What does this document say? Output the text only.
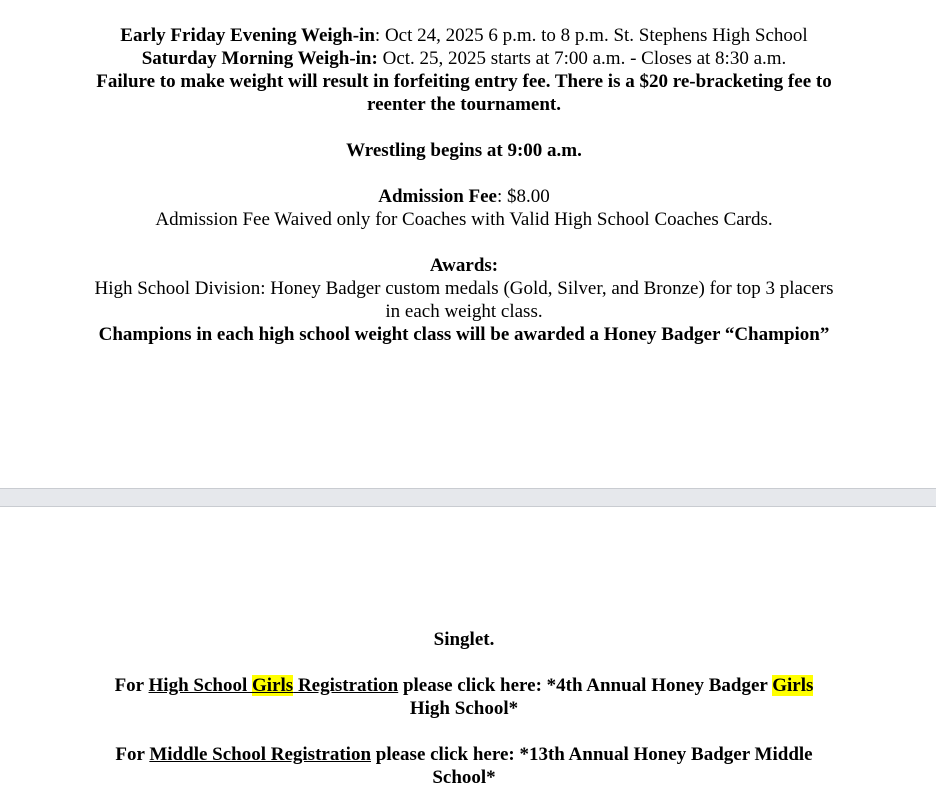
Early Friday Evening Weigh-in: Oct 24, 2025 6 p.m. to 8 p.m. St. Stephens High School
Saturday Morning Weigh-in: Oct. 25, 2025 starts at 7:00 a.m. - Closes at 8:30 a.m.
Failure to make weight will result in forfeiting entry fee. There is a $20 re-bracketing fee to
reenter the tournament.
Wrestling begins at 9:00 a.m.
Admission Fee: $8.00
Admission Fee Waived only for Coaches with Valid High School Coaches Cards.
Awards:
High School Division: Honey Badger custom medals (Gold, Silver, and Bronze) for top 3 placers
in each weight class.
Champions in each high school weight class will be awarded a Honey Badger “Champion”
Singlet.
For High School Girls Registration please click here: *4th Annual Honey Badger Girls
High School*
For Middle School Registration please click here: *13th Annual Honey Badger Middle
School*
